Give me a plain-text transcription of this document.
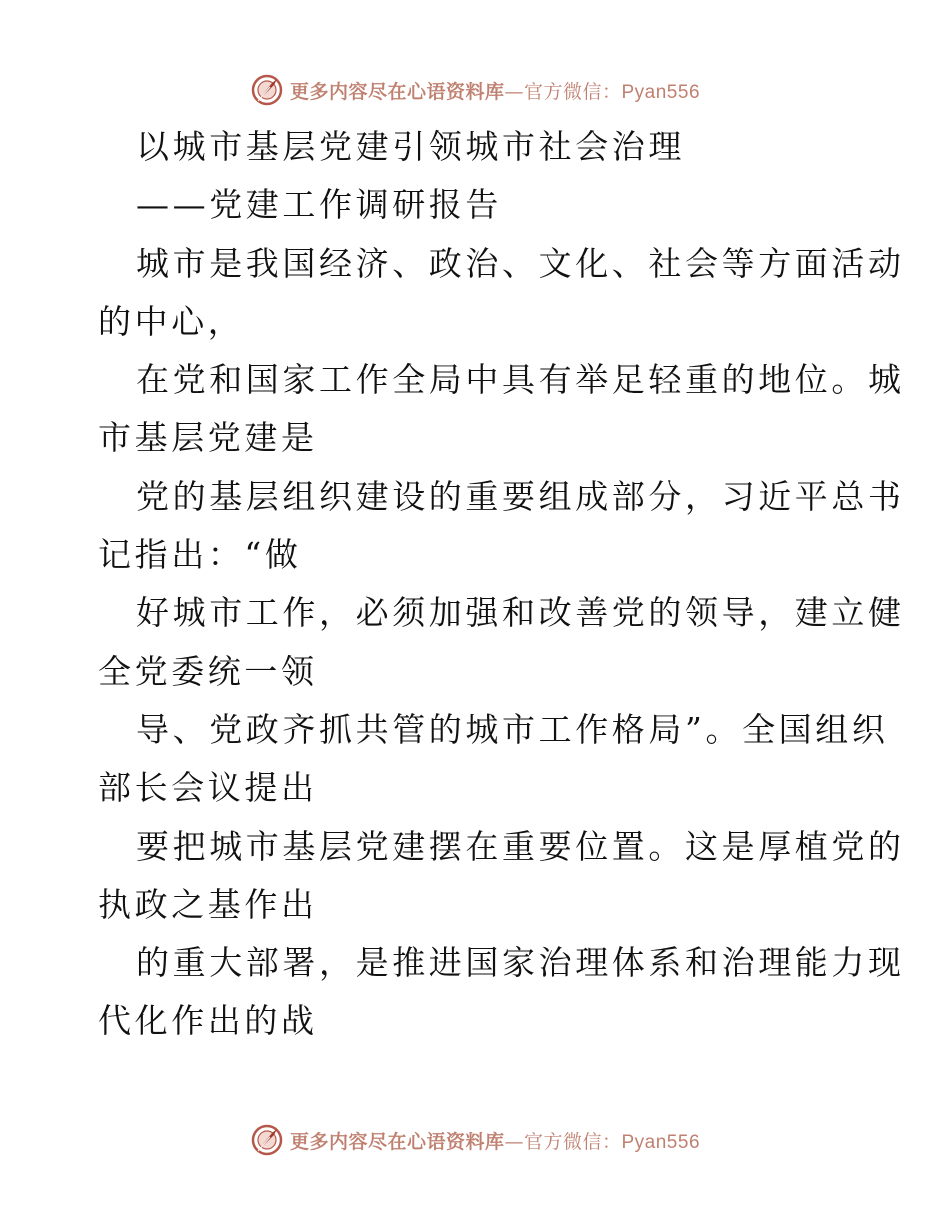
更多内容尽在心语资料库—官方微信：Pyan556
以城市基层党建引领城市社会治理
——党建工作调研报告
城市是我国经济、政治、文化、社会等方面活动
的中心，
在党和国家工作全局中具有举足轻重的地位。城
市基层党建是
党的基层组织建设的重要组成部分，习近平总书
记指出：“做
好城市工作，必须加强和改善党的领导，建立健
全党委统一领
导、党政齐抓共管的城市工作格局”。全国组织
部长会议提出
要把城市基层党建摆在重要位置。这是厚植党的
执政之基作出
的重大部署，是推进国家治理体系和治理能力现
代化作出的战
更多内容尽在心语资料库—官方微信：Pyan556
